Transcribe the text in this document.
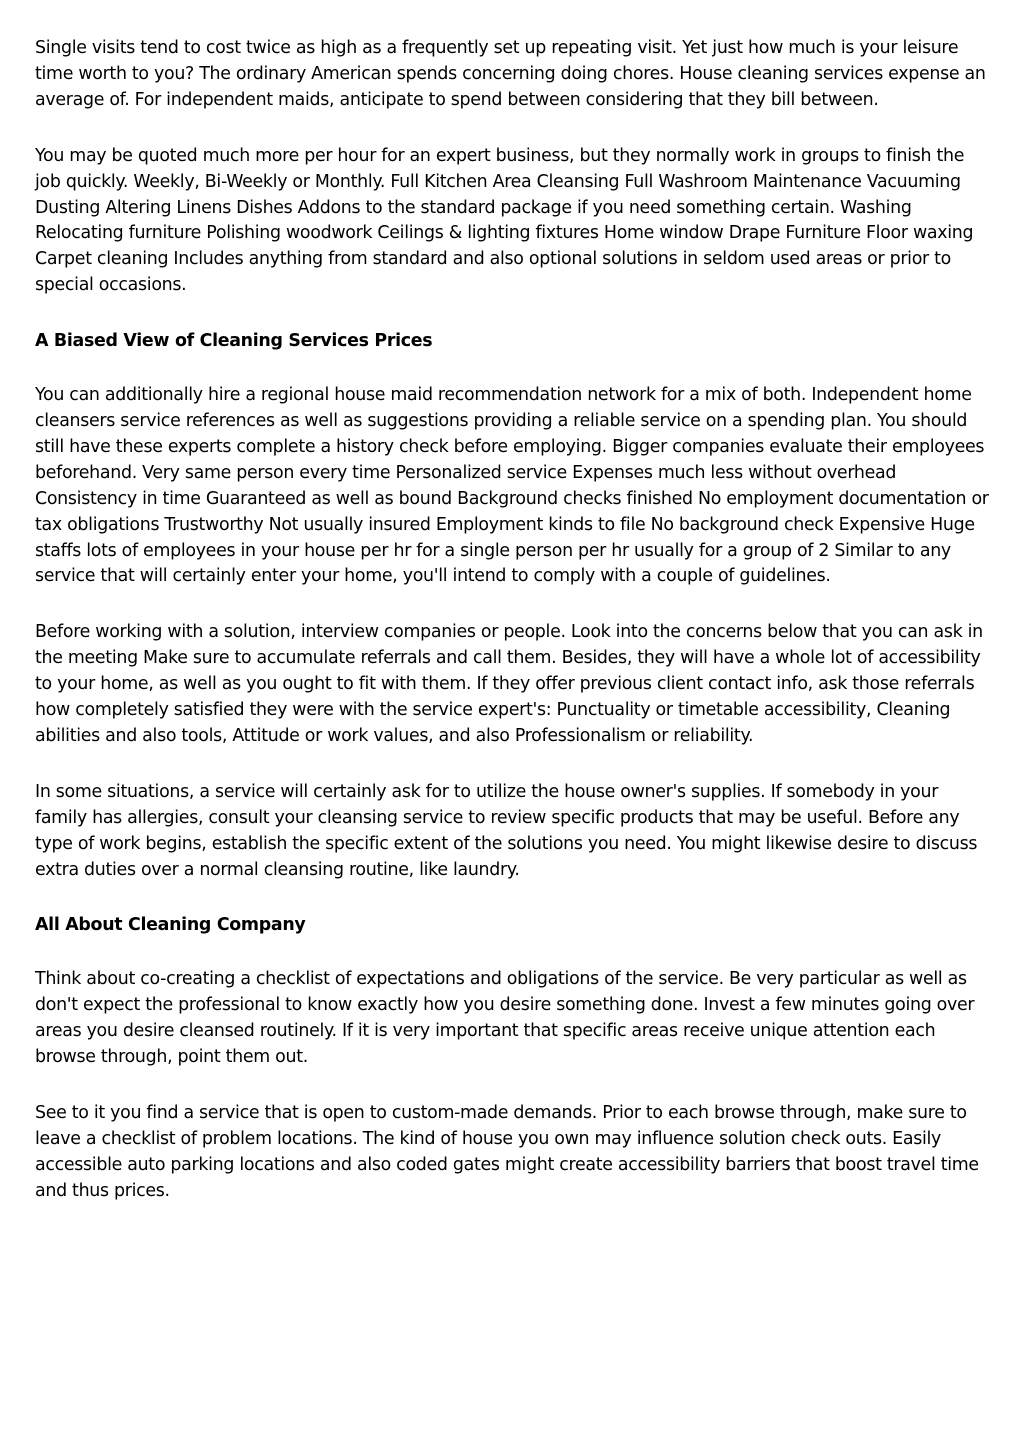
Single visits tend to cost twice as high as a frequently set up repeating visit. Yet just how much is your leisure time worth to you? The ordinary American spends concerning doing chores. House cleaning services expense an average of. For independent maids, anticipate to spend between considering that they bill between.

You may be quoted much more per hour for an expert business, but they normally work in groups to finish the job quickly. Weekly, Bi-Weekly or Monthly. Full Kitchen Area Cleansing Full Washroom Maintenance Vacuuming Dusting Altering Linens Dishes Addons to the standard package if you need something certain. Washing Relocating furniture Polishing woodwork Ceilings & lighting fixtures Home window Drape Furniture Floor waxing Carpet cleaning Includes anything from standard and also optional solutions in seldom used areas or prior to special occasions.

A Biased View of Cleaning Services Prices

You can additionally hire a regional house maid recommendation network for a mix of both. Independent home cleansers service references as well as suggestions providing a reliable service on a spending plan. You should still have these experts complete a history check before employing. Bigger companies evaluate their employees beforehand. Very same person every time Personalized service Expenses much less without overhead Consistency in time Guaranteed as well as bound Background checks finished No employment documentation or tax obligations Trustworthy Not usually insured Employment kinds to file No background check Expensive Huge staffs lots of employees in your house per hr for a single person per hr usually for a group of 2 Similar to any service that will certainly enter your home, you'll intend to comply with a couple of guidelines.

Before working with a solution, interview companies or people. Look into the concerns below that you can ask in the meeting Make sure to accumulate referrals and call them. Besides, they will have a whole lot of accessibility to your home, as well as you ought to fit with them. If they offer previous client contact info, ask those referrals how completely satisfied they were with the service expert's: Punctuality or timetable accessibility, Cleaning abilities and also tools, Attitude or work values, and also Professionalism or reliability.

In some situations, a service will certainly ask for to utilize the house owner's supplies. If somebody in your family has allergies, consult your cleansing service to review specific products that may be useful. Before any type of work begins, establish the specific extent of the solutions you need. You might likewise desire to discuss extra duties over a normal cleansing routine, like laundry.

All About Cleaning Company

Think about co-creating a checklist of expectations and obligations of the service. Be very particular as well as don't expect the professional to know exactly how you desire something done. Invest a few minutes going over areas you desire cleansed routinely. If it is very important that specific areas receive unique attention each browse through, point them out.

See to it you find a service that is open to custom-made demands. Prior to each browse through, make sure to leave a checklist of problem locations. The kind of house you own may influence solution check outs. Easily accessible auto parking locations and also coded gates might create accessibility barriers that boost travel time and thus prices.
